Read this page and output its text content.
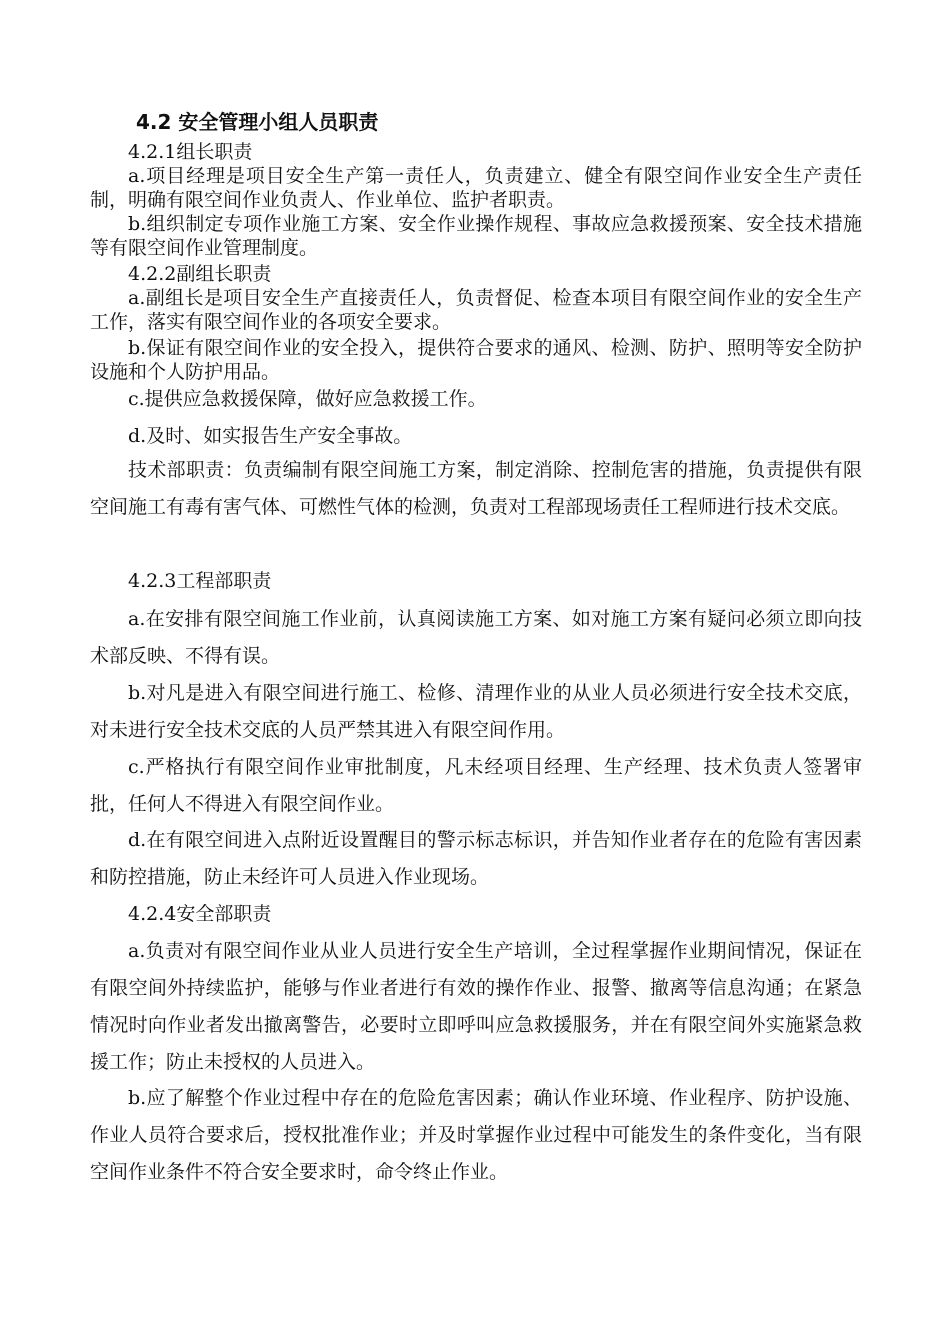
4.2 安全管理小组人员职责

4.2.1组长职责

a.项目经理是项目安全生产第一责任人，负责建立、健全有限空间作业安全生产责任制，明确有限空间作业负责人、作业单位、监护者职责。

b.组织制定专项作业施工方案、安全作业操作规程、事故应急救援预案、安全技术措施等有限空间作业管理制度。

4.2.2副组长职责

a.副组长是项目安全生产直接责任人，负责督促、检查本项目有限空间作业的安全生产工作，落实有限空间作业的各项安全要求。

b.保证有限空间作业的安全投入，提供符合要求的通风、检测、防护、照明等安全防护设施和个人防护用品。

c.提供应急救援保障，做好应急救援工作。

d.及时、如实报告生产安全事故。

技术部职责：负责编制有限空间施工方案，制定消除、控制危害的措施，负责提供有限空间施工有毒有害气体、可燃性气体的检测，负责对工程部现场责任工程师进行技术交底。

4.2.3工程部职责

a.在安排有限空间施工作业前，认真阅读施工方案、如对施工方案有疑问必须立即向技术部反映、不得有误。

b.对凡是进入有限空间进行施工、检修、清理作业的从业人员必须进行安全技术交底，对未进行安全技术交底的人员严禁其进入有限空间作用。

c.严格执行有限空间作业审批制度，凡未经项目经理、生产经理、技术负责人签署审批，任何人不得进入有限空间作业。

d.在有限空间进入点附近设置醒目的警示标志标识，并告知作业者存在的危险有害因素和防控措施，防止未经许可人员进入作业现场。

4.2.4安全部职责

a.负责对有限空间作业从业人员进行安全生产培训，全过程掌握作业期间情况，保证在有限空间外持续监护，能够与作业者进行有效的操作作业、报警、撤离等信息沟通；在紧急情况时向作业者发出撤离警告，必要时立即呼叫应急救援服务，并在有限空间外实施紧急救援工作；防止未授权的人员进入。

b.应了解整个作业过程中存在的危险危害因素；确认作业环境、作业程序、防护设施、作业人员符合要求后，授权批准作业；并及时掌握作业过程中可能发生的条件变化，当有限空间作业条件不符合安全要求时，命令终止作业。
